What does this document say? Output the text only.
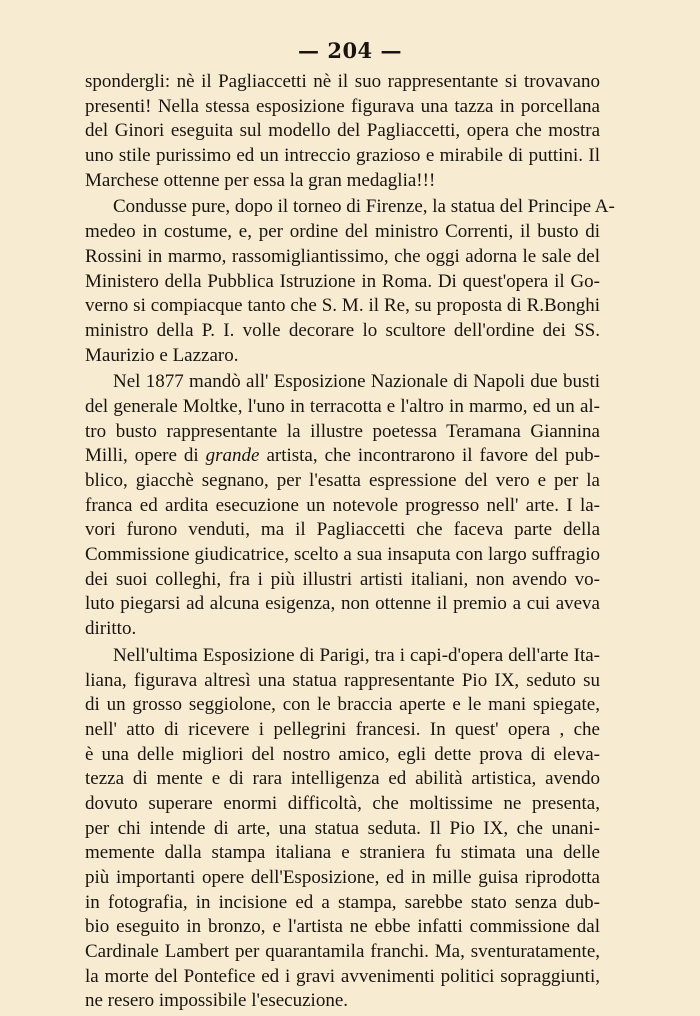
— 204 —
spondergli: nè il Pagliaccetti nè il suo rappresentante si trovavano
presenti! Nella stessa esposizione figurava una tazza in porcellana
del Ginori eseguita sul modello del Pagliaccetti, opera che mostra
uno stile purissimo ed un intreccio grazioso e mirabile di puttini. Il
Marchese ottenne per essa la gran medaglia!!!
Condusse pure, dopo il torneo di Firenze, la statua del Principe A-
medeo in costume, e, per ordine del ministro Correnti, il busto di
Rossini in marmo, rassomigliantissimo, che oggi adorna le sale del
Ministero della Pubblica Istruzione in Roma. Di quest'opera il Go-
verno si compiacque tanto che S. M. il Re, su proposta di R.Bonghi
ministro della P. I. volle decorare lo scultore dell'ordine dei SS.
Maurizio e Lazzaro.
Nel 1877 mandò all' Esposizione Nazionale di Napoli due busti
del generale Moltke, l'uno in terracotta e l'altro in marmo, ed un al-
tro busto rappresentante la illustre poetessa Teramana Giannina
Milli, opere di grande artista, che incontrarono il favore del pub-
blico, giacchè segnano, per l'esatta espressione del vero e per la
franca ed ardita esecuzione un notevole progresso nell' arte. I la-
vori furono venduti, ma il Pagliaccetti che faceva parte della
Commissione giudicatrice, scelto a sua insaputa con largo suffragio
dei suoi colleghi, fra i più illustri artisti italiani, non avendo vo-
luto piegarsi ad alcuna esigenza, non ottenne il premio a cui aveva
diritto.
Nell'ultima Esposizione di Parigi, tra i capi-d'opera dell'arte Ita-
liana, figurava altresì una statua rappresentante Pio IX, seduto su
di un grosso seggiolone, con le braccia aperte e le mani spiegate,
nell' atto di ricevere i pellegrini francesi. In quest' opera , che
è una delle migliori del nostro amico, egli dette prova di eleva-
tezza di mente e di rara intelligenza ed abilità artistica, avendo
dovuto superare enormi difficoltà, che moltissime ne presenta,
per chi intende di arte, una statua seduta. Il Pio IX, che unani-
memente dalla stampa italiana e straniera fu stimata una delle
più importanti opere dell'Esposizione, ed in mille guisa riprodotta
in fotografia, in incisione ed a stampa, sarebbe stato senza dub-
bio eseguito in bronzo, e l'artista ne ebbe infatti commissione dal
Cardinale Lambert per quarantamila franchi. Ma, sventuratamente,
la morte del Pontefice ed i gravi avvenimenti politici sopraggiunti,
ne resero impossibile l'esecuzione.
